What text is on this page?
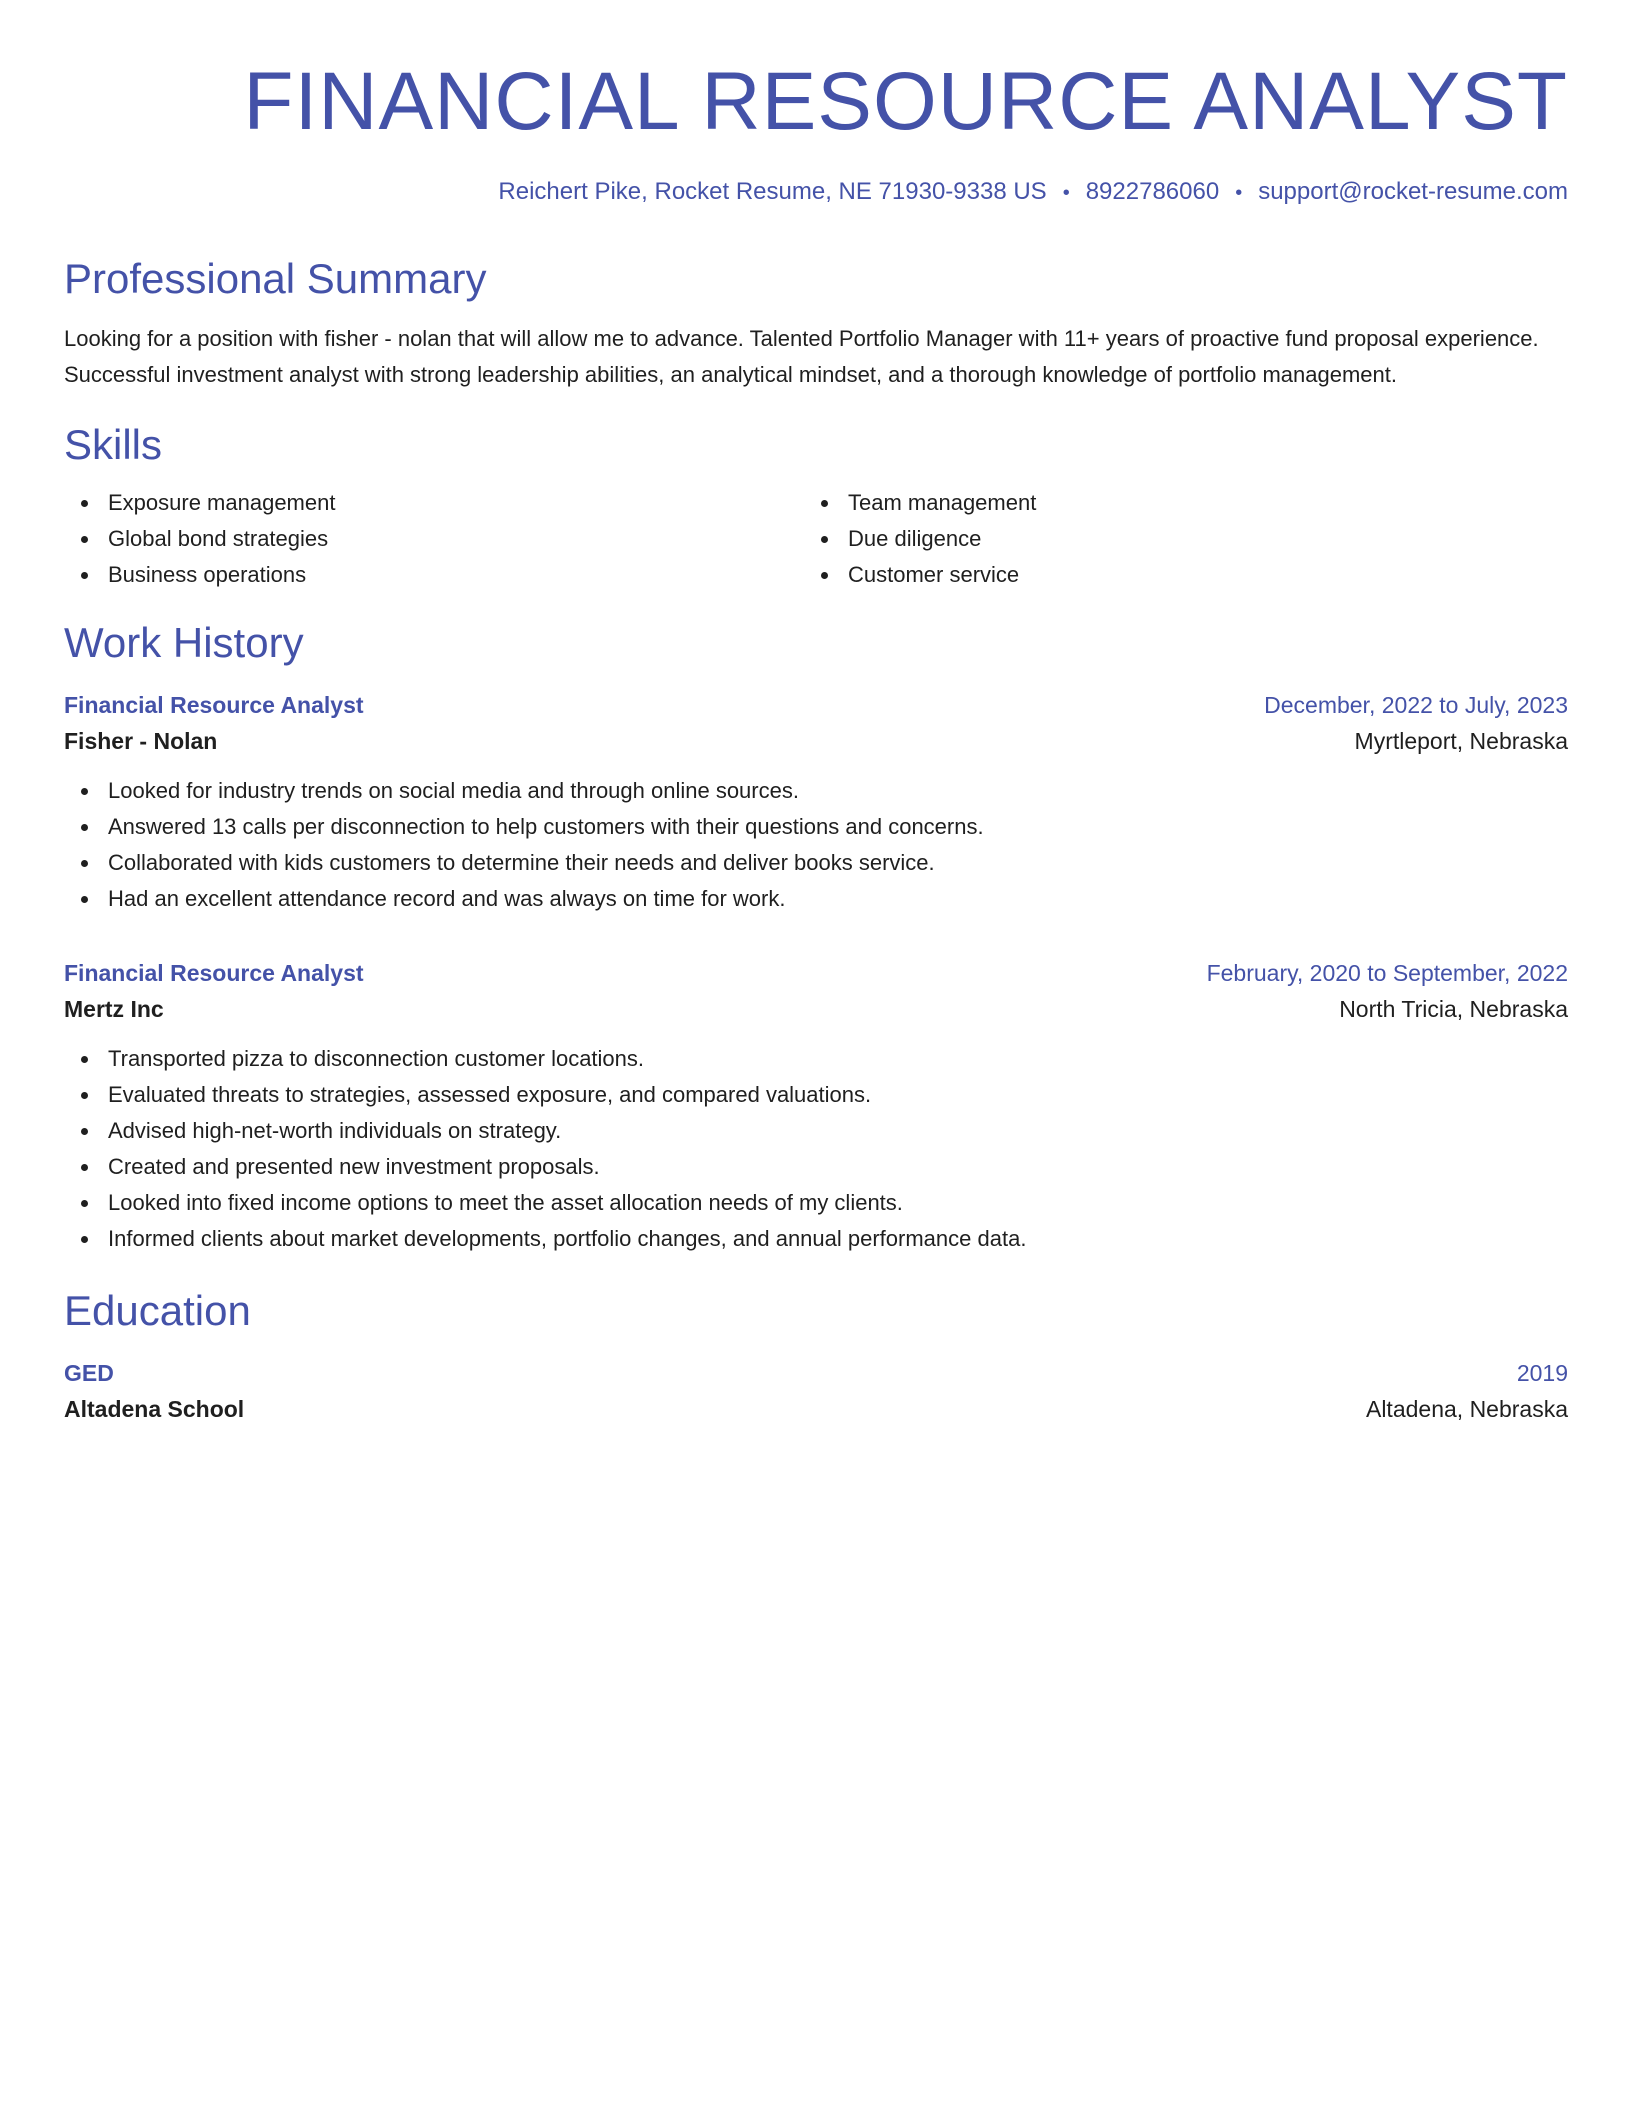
FINANCIAL RESOURCE ANALYST
Reichert Pike, Rocket Resume, NE 71930-9338 US • 8922786060 • support@rocket-resume.com
Professional Summary

Looking for a position with fisher - nolan that will allow me to advance. Talented Portfolio Manager with 11+ years of proactive fund proposal experience. Successful investment analyst with strong leadership abilities, an analytical mindset, and a thorough knowledge of portfolio management.

Skills
Exposure management
Global bond strategies
Business operations
Team management
Due diligence
Customer service
Work History
Financial Resource Analyst	December, 2022 to July, 2023
Fisher - Nolan	Myrtleport, Nebraska
Looked for industry trends on social media and through online sources.
Answered 13 calls per disconnection to help customers with their questions and concerns.
Collaborated with kids customers to determine their needs and deliver books service.
Had an excellent attendance record and was always on time for work.
Financial Resource Analyst	February, 2020 to September, 2022
Mertz Inc	North Tricia, Nebraska
Transported pizza to disconnection customer locations.
Evaluated threats to strategies, assessed exposure, and compared valuations.
Advised high-net-worth individuals on strategy.
Created and presented new investment proposals.
Looked into fixed income options to meet the asset allocation needs of my clients.
Informed clients about market developments, portfolio changes, and annual performance data.
Education
GED	2019
Altadena School	Altadena, Nebraska
